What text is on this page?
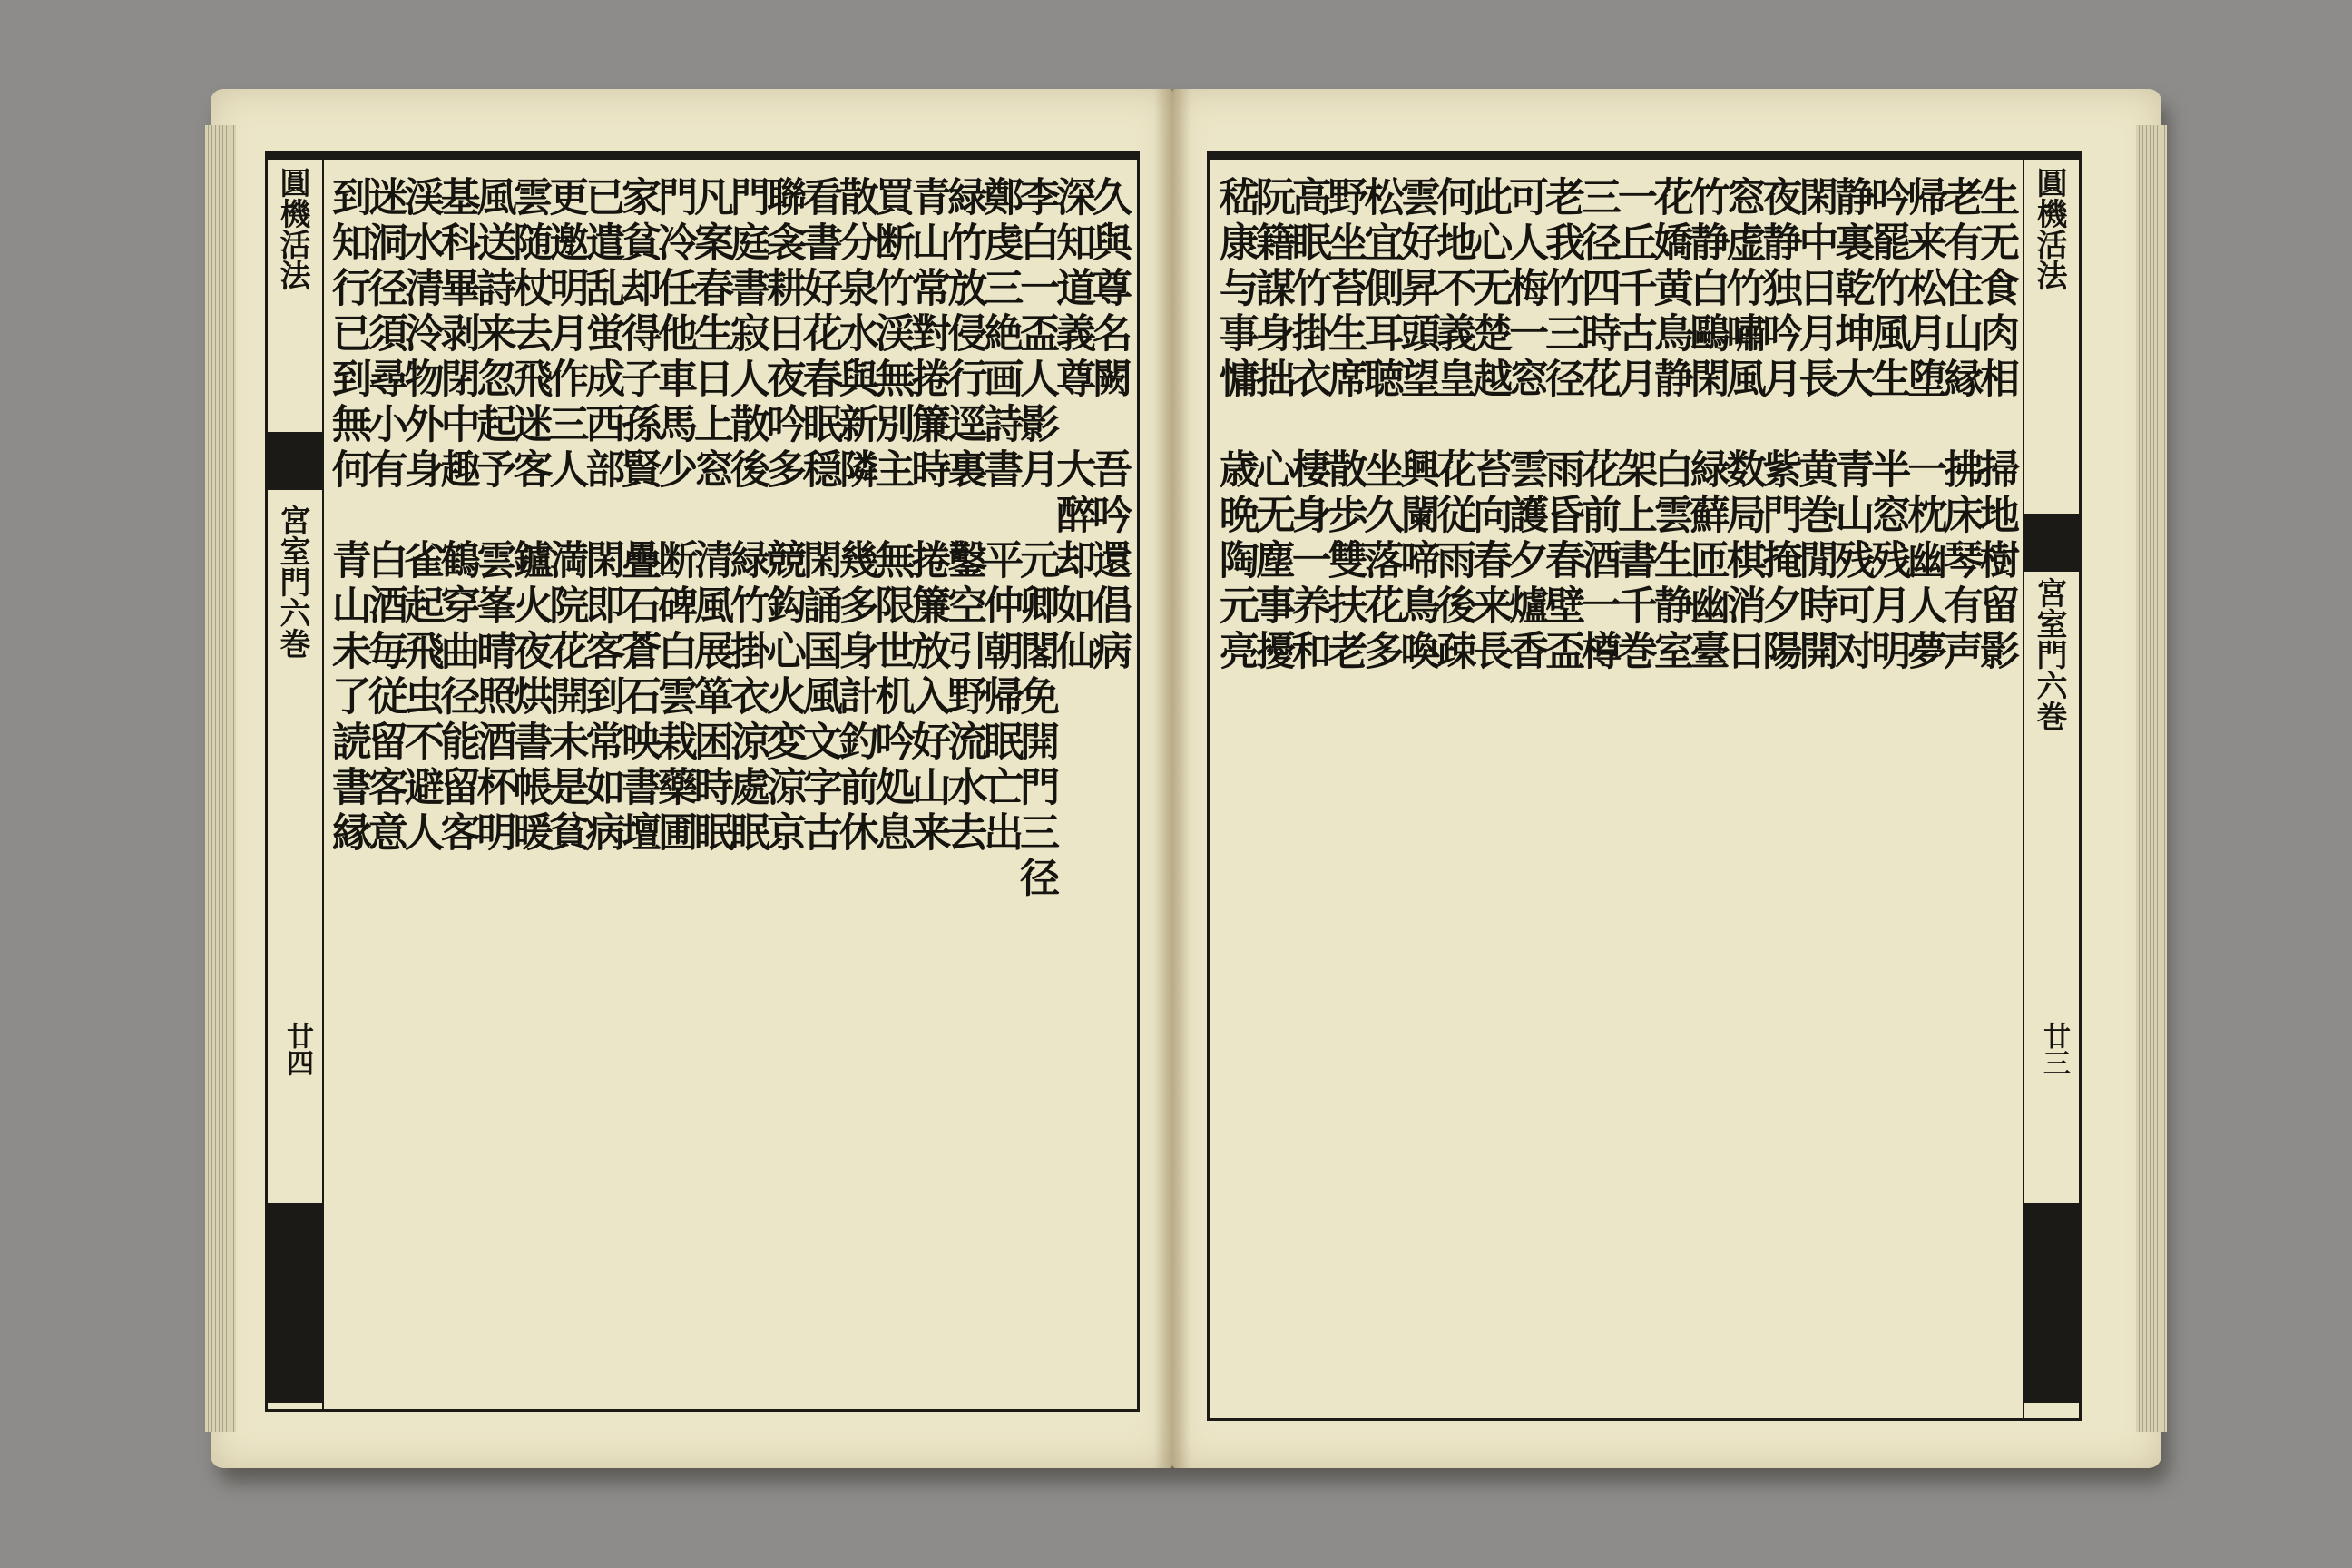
圓機活法
宮室門六巻
廿四
久與尊名闕　吾吟還倡病
深知道義尊　大醉却如仙
李白一盃人影月　元卿閣免開門三径
鄭虔三絶画詩書　平仲朝帰眠亡出
緑竹放侵行逕裏　鑿空引野流水去
青山常對捲簾時　捲簾放入好山来
買断竹渓無別主　無限世机吟処息
散分泉水與新隣　幾多身計釣前休
看書好花春眠穏　閑誦国風文字古
聯衾耕日夜吟多　競鈎心火変涼京
門庭書寂人散後　緑竹掛衣涼處眠
凡案春生日上窓　清風展箪困時眠
門冷任他車馬少　断碑白雲栽藥圃
家貧却得子孫賢　疊石蒼石映書壇
已遣乱蛍成西部　閑即客到常如病
更邀明月作三人　満院花開未是貧
雲随杖去飛迷客　鑪火夜烘書帳暖
風送詩来忽起予　雲峯晴照酒杯明
基科畢剥閉中趣　鶴穿曲径能留客
渓水清泠物外身　雀起飛虫不避人
迷洞径須尋小有　白酒毎従留客意
到知行已到無何　青山未了読書縁	圓機活法
宮室門六巻
廿三
生无食肉相　掃地樹留影
老有住山縁　拂床琴有声
帰来松月堕　一枕幽人夢
吟罷竹風生　半窓残月明
静裏乾坤大　青山残可对
閑中日月長　黄巻閒時開
夜静独吟月　紫門掩夕陽
窓虚竹嘯風　数局棋消日
竹静白鷗閑　緑蘚匝幽臺
花嬌黄鳥静　白雲生静室
一丘千古月　架上書千巻
三径四時花　花前酒一樽
老我竹三径　雨昏春壁盃
可人梅一窓　雲護夕爐香
此心无楚越　苔向春来長
何地不義皇　花従雨後疎
雲好昇頭望　興闌啼鳥喚
松宜側耳聴　坐久落花多
野坐苔生席　散歩雙扶老
高眠竹掛衣　棲身一养和
阮籍謀身拙　心无塵事擾
嵇康与事慵　歳晩陶元亮
